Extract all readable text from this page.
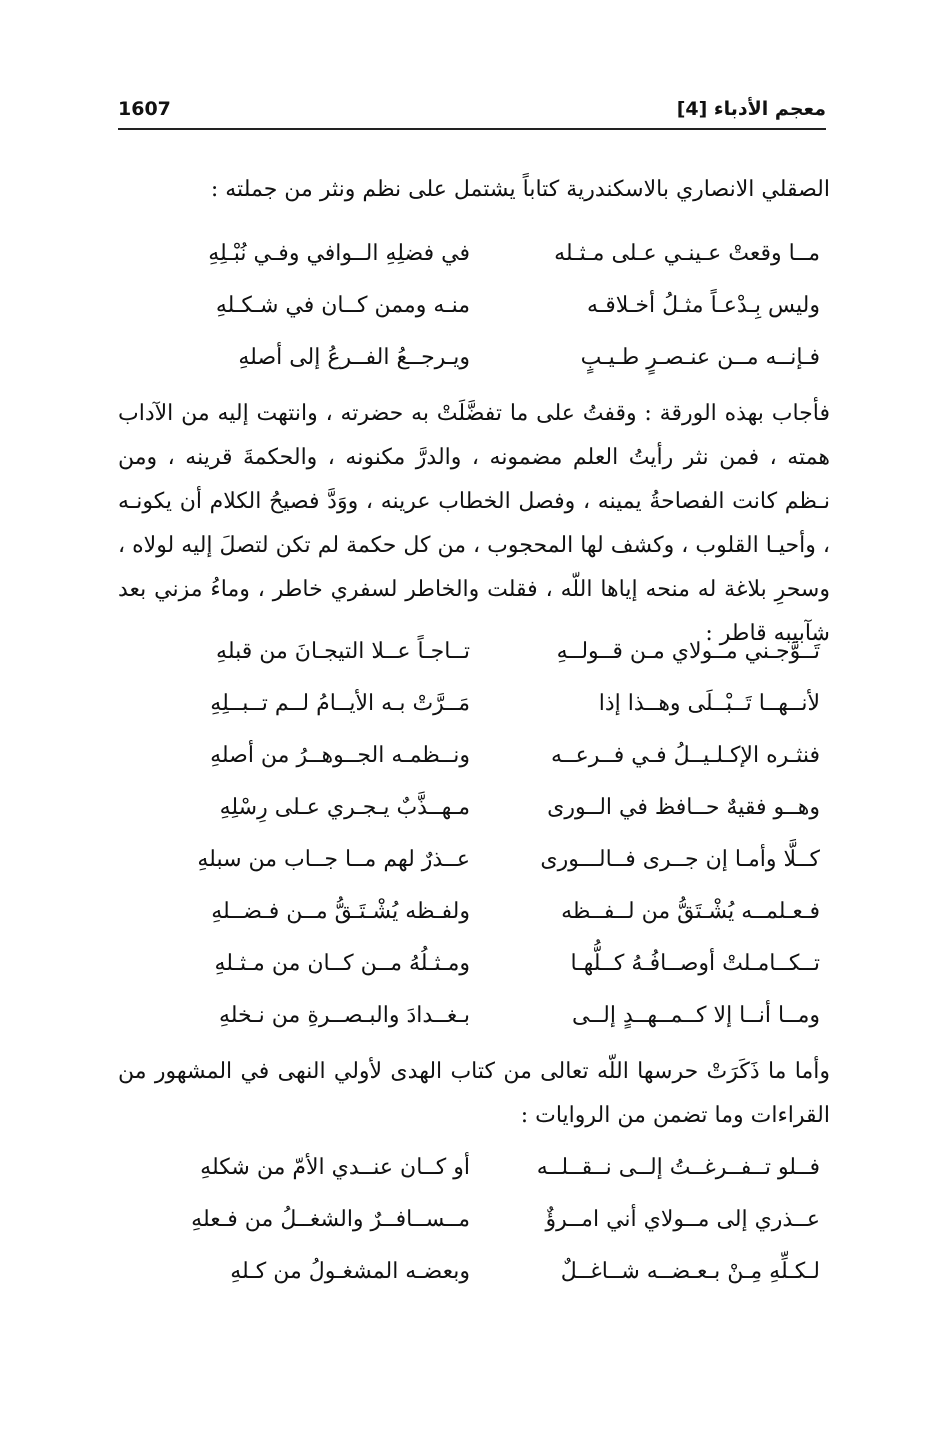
معجم الأدباء [4]
1607
الصقلي الانصاري بالاسكندرية كتاباً يشتمل على نظم ونثر من جملته :
مــا وقعتْ عـينـي عـلى مـثـله
في فضلِهِ الــوافي وفـي نُبْـلِهِ
وليس بِـدْعـاً مثـلُ أخـلاقـه
منـه وممن كــان في شـكـلهِ
فـإنــه مــن عنـصـرٍ طـيـبٍ
ويـرجــعُ الفــرعُ إلى أصلهِ
فأجاب بهذه الورقة : وقفتُ على ما تفضَّلَتْ به حضرته ، وانتهت إليه من الآداب همته ، فمن نثر رأيتُ العلم مضمونه ، والدرَّ مكنونه ، والحكمةَ قرينه ، ومن نـظم كانت الفصاحةُ يمينه ، وفصل الخطاب عرينه ، ووَدَّ فصيحُ الكلام أن يكونـه ، وأحيـا القلوب ، وكشف لها المحجوب ، من كل حكمة لم تكن لتصلَ إليه لولاه ، وسحرِ بلاغة له منحه إياها اللّه ، فقلت والخاطر لسفري خاطر ، وماءُ مزني بعد شآبيبه قاطر :
تَــوَّجـني مــولاي مـن قــولــهِ
تــاجـاً عــلا التيجـانَ من قبلهِ
لأنــهــا تَــبْــلَى وهــذا إذا
مَــرَّتْ بـه الأيــامُ لــم تــبــلِهِ
فنثـره الإكـلـيــلُ فـي فــرعــه
ونــظمـه الجــوهــرُ من أصلهِ
وهــو فقيهٌ حــافظ في الــورى
مـهــذَّبٌ يـجـري عـلى رِسْلِهِ
كــلَّا وأمـا إن جــرى فــالـــورى
عــذرٌ لهم مــا جــاب من سبلهِ
فـعـلمــه يُشْـتَقُّ من لــفــظه
ولفـظه يُشْـتَـقُّ مــن فـضــلهِ
تــكــامـلتْ أوصــافُـهُ كــلُّهـا
ومـثـلُهُ مــن كــان من مـثـلهِ
ومــا أنــا إلا كــمــهــدٍ إلــى
بـغــدادَ والبـصــرةِ من نـخلهِ
وأما ما ذَكَرَتْ حرسها اللّه تعالى من كتاب الهدى لأولي النهى في المشهور من القراءات وما تضمن من الروايات :
فــلو تــفــرغــتُ إلــى نــقــلــه
أو كــان عنــدي الأمّ من شكلهِ
عــذري إلى مــولاي أني امــرؤٌ
مــســافــرٌ والشغــلُ من فـعلهِ
لـكـلِّهِ مِـنْ بـعـضــه شــاغــلٌ
وبعضـه المشغـولُ من كـلهِ
